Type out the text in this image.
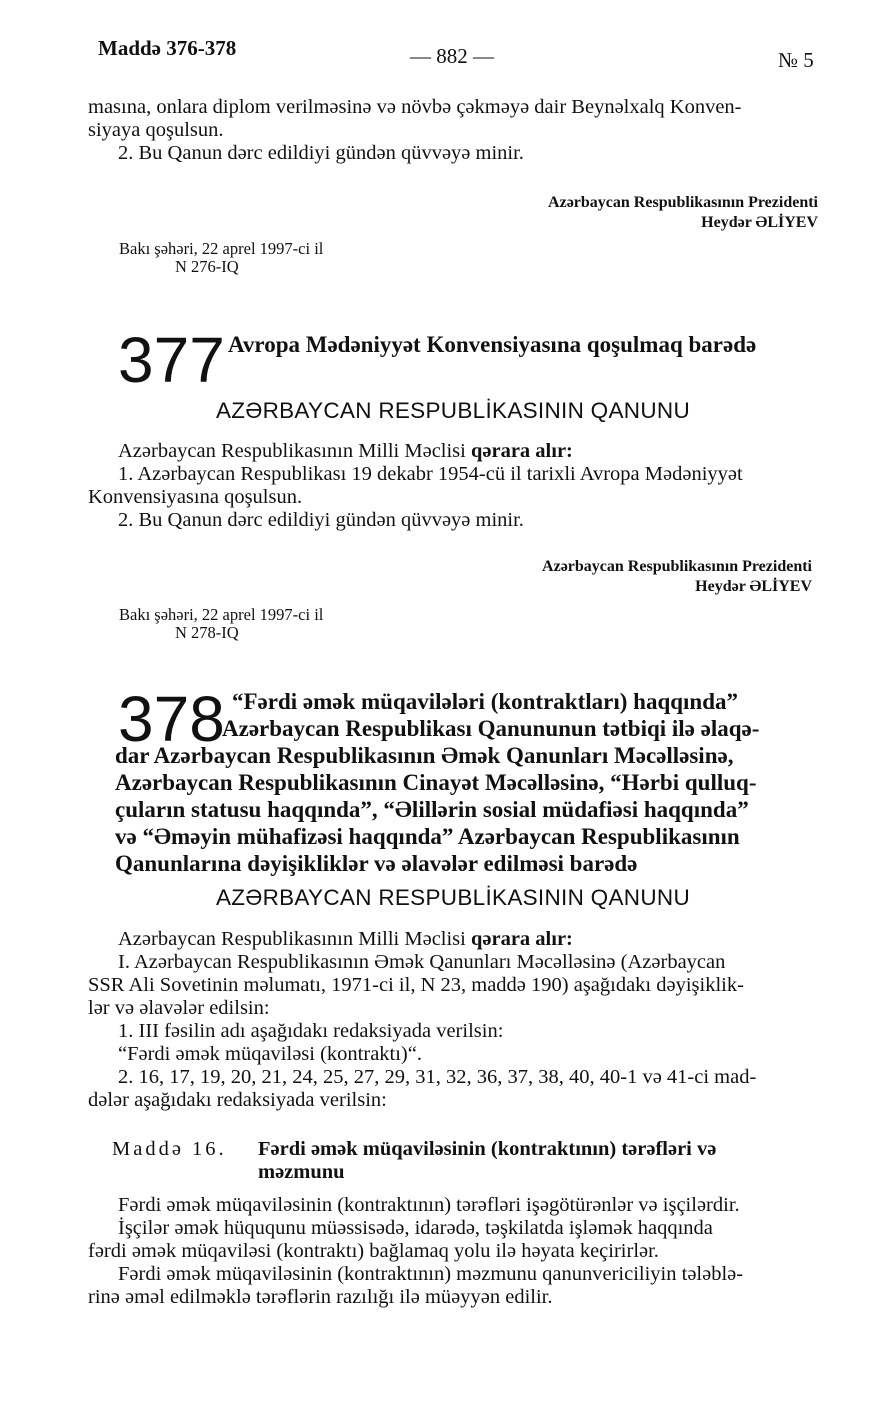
Maddə 376-378	— 882 —	№ 5

masına, onlara diplom verilməsinə və növbə çəkməyə dair Beynəlxalq Konven-

siyaya qoşulsun.

2. Bu Qanun dərc edildiyi gündən qüvvəyə minir.

Azərbaycan Respublikasının Prezidenti

Heydər ƏLİYEV

Bakı şəhəri, 22 aprel 1997-ci il

N 276-IQ

377 Avropa Mədəniyyət Konvensiyasına qoşulmaq barədə
AZƏRBAYCAN RESPUBLİKASININ QANUNU

Azərbaycan Respublikasının Milli Məclisi qərara alır:

1. Azərbaycan Respublikası 19 dekabr 1954-cü il tarixli Avropa Mədəniyyət

Konvensiyasına qoşulsun.

2. Bu Qanun dərc edildiyi gündən qüvvəyə minir.

Azərbaycan Respublikasının Prezidenti

Heydər ƏLİYEV

Bakı şəhəri, 22 aprel 1997-ci il

N 278-IQ

378 “Fərdi əmək müqavilələri (kontraktları) haqqında”
Azərbaycan Respublikası Qanununun tətbiqi ilə əlaqə-

dar Azərbaycan Respublikasının Əmək Qanunları Məcəlləsinə,

Azərbaycan Respublikasının Cinayət Məcəlləsinə, “Hərbi qulluq-

çuların statusu haqqında”, “Əlillərin sosial müdafiəsi haqqında”

və “Əməyin mühafizəsi haqqında” Azərbaycan Respublikasının

Qanunlarına dəyişikliklər və əlavələr edilməsi barədə

AZƏRBAYCAN RESPUBLİKASININ QANUNU

Azərbaycan Respublikasının Milli Məclisi qərara alır:

I. Azərbaycan Respublikasının Əmək Qanunları Məcəlləsinə (Azərbaycan

SSR Ali Sovetinin məlumatı, 1971-ci il, N 23, maddə 190) aşağıdakı dəyişiklik-

lər və əlavələr edilsin:

1. III fəsilin adı aşağıdakı redaksiyada verilsin:

“Fərdi əmək müqaviləsi (kontraktı)“.

2. 16, 17, 19, 20, 21, 24, 25, 27, 29, 31, 32, 36, 37, 38, 40, 40-1 və 41-ci mad-

dələr aşağıdakı redaksiyada verilsin:

Maddə 16. Fərdi əmək müqaviləsinin (kontraktının) tərəfləri və

məzmunu

Fərdi əmək müqaviləsinin (kontraktının) tərəfləri işəgötürənlər və işçilərdir.

İşçilər əmək hüququnu müəssisədə, idarədə, təşkilatda işləmək haqqında

fərdi əmək müqaviləsi (kontraktı) bağlamaq yolu ilə həyata keçirirlər.

Fərdi əmək müqaviləsinin (kontraktının) məzmunu qanunvericiliyin tələblə-

rinə əməl edilməklə tərəflərin razılığı ilə müəyyən edilir.
